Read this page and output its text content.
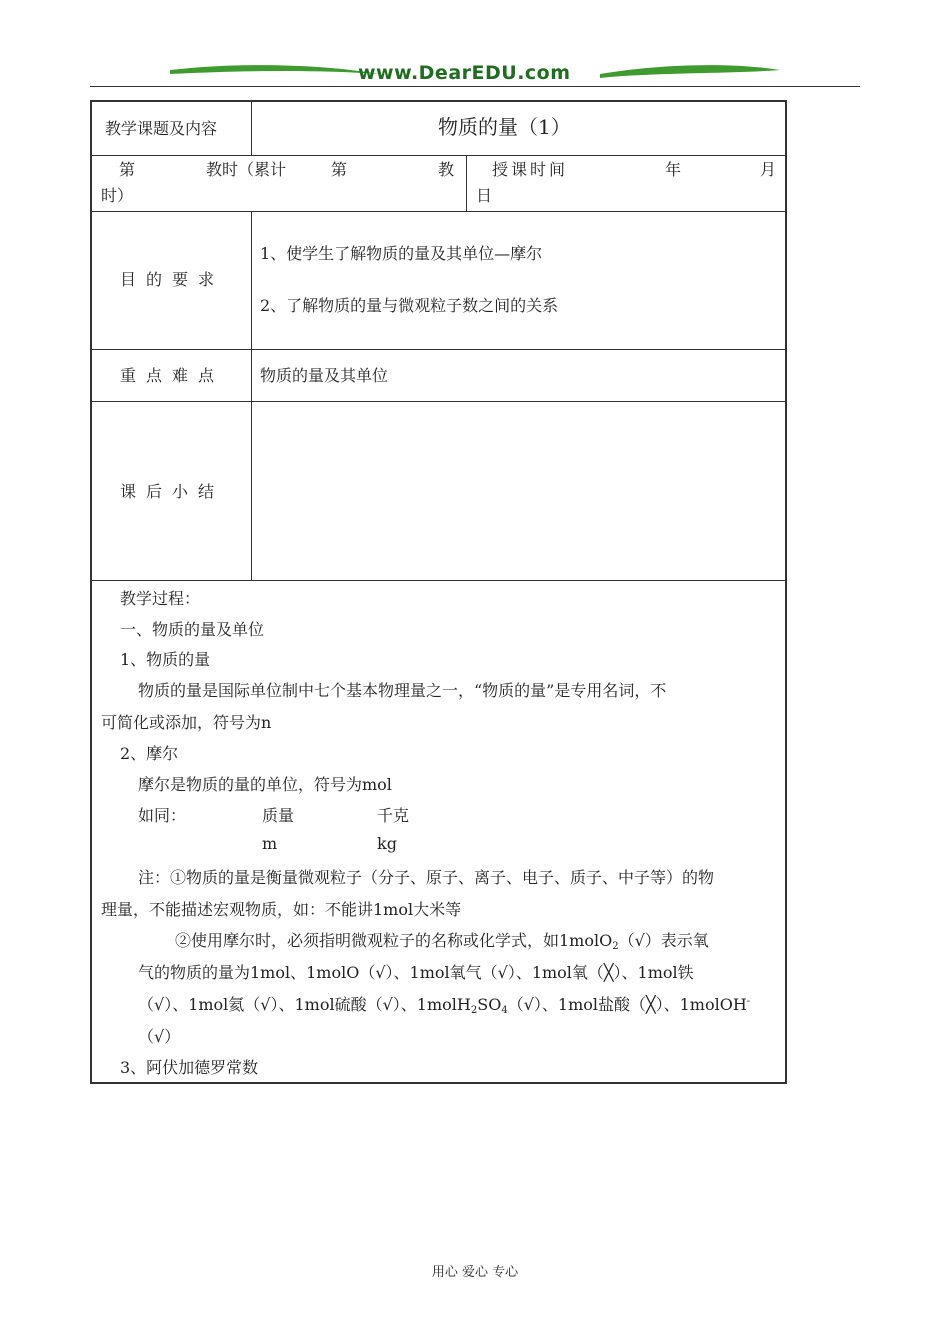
www.DearEDU.com
教学课题及内容	物质的量（1）
第	教时（累计	第	教
时）
授课时间	年	月
日
目的要求
1、使学生了解物质的量及其单位—摩尔
2、了解物质的量与微观粒子数之间的关系
重点难点 物质的量及其单位
课后小结
教学过程：
一、物质的量及单位
1、物质的量
物质的量是国际单位制中七个基本物理量之一，“物质的量”是专用名词，不
可简化或添加，符号为n
2、摩尔
摩尔是物质的量的单位，符号为mol
如同：	质量	千克
m	kg
注：①物质的量是衡量微观粒子（分子、原子、离子、电子、质子、中子等）的物
理量，不能描述宏观物质，如：不能讲1mol大米等
②使用摩尔时，必须指明微观粒子的名称或化学式，如1molO2（√）表示氧
气的物质的量为1mol、1molO（√）、1mol氧气（√）、1mol氧（╳）、1mol铁
（√）、1mol氦（√）、1mol硫酸（√）、1molH2SO4（√）、1mol盐酸（╳）、1molOH-
（√）
3、阿伏加德罗常数
用心 爱心 专心
